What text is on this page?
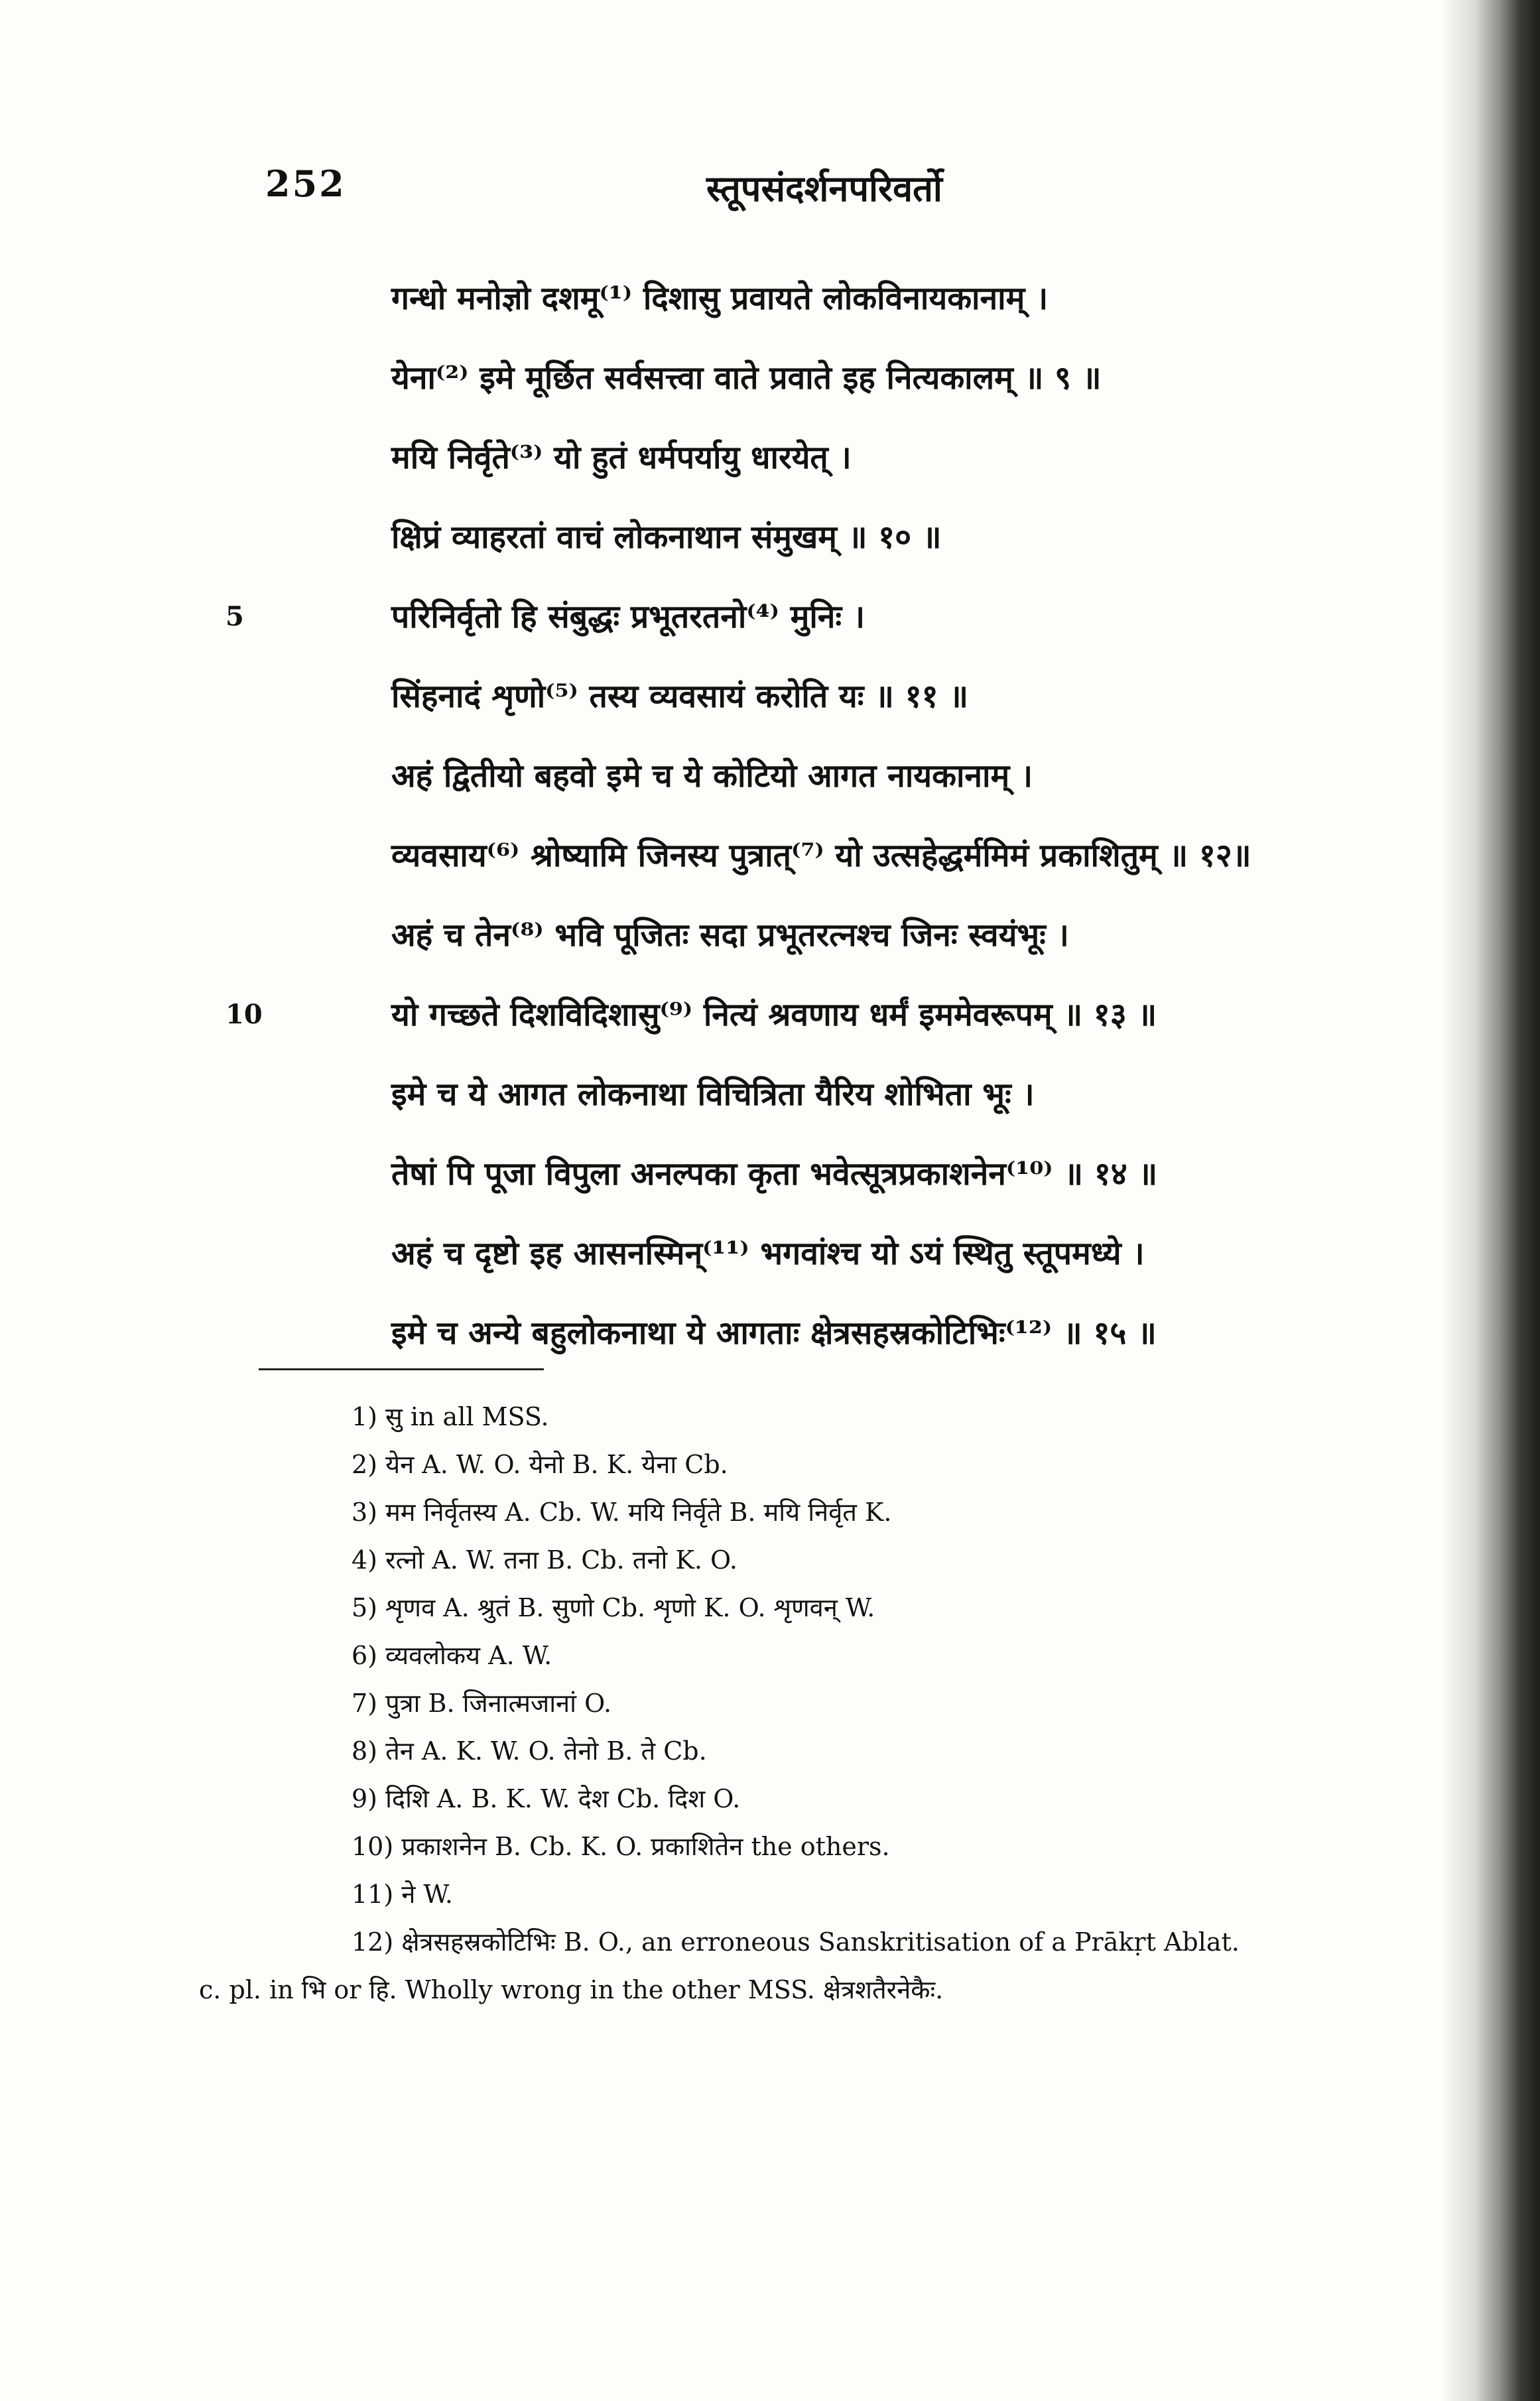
252	स्तूपसंदर्शनपरिवर्तो
गन्धो मनोज्ञो दशमू⁽¹⁾ दिशासु प्रवायते लोकविनायकानाम् ।
येना⁽²⁾ इमे मूर्छित सर्वसत्त्वा वाते प्रवाते इह नित्यकालम् ॥ ९ ॥
मयि निर्वृते⁽³⁾ यो हुतं धर्मपर्यायु धारयेत् ।
क्षिप्रं व्याहरतां वाचं लोकनाथान संमुखम् ॥ १० ॥
5	परिनिर्वृतो हि संबुद्धः प्रभूतरतनो⁽⁴⁾ मुनिः ।
सिंहनादं शृणो⁽⁵⁾ तस्य व्यवसायं करोति यः ॥ ११ ॥
अहं द्वितीयो बहवो इमे च ये कोटियो आगत नायकानाम् ।
व्यवसाय⁽⁶⁾ श्रोष्यामि जिनस्य पुत्रात्⁽⁷⁾ यो उत्सहेद्धर्ममिमं प्रकाशितुम् ॥ १२॥
अहं च तेन⁽⁸⁾ भवि पूजितः सदा प्रभूतरत्नश्च जिनः स्वयंभूः ।
10	यो गच्छते दिशविदिशासु⁽⁹⁾ नित्यं श्रवणाय धर्मं इममेवरूपम् ॥ १३ ॥
इमे च ये आगत लोकनाथा विचित्रिता यैरिय शोभिता भूः ।
तेषां पि पूजा विपुला अनल्पका कृता भवेत्सूत्रप्रकाशनेन⁽¹⁰⁾ ॥ १४ ॥
अहं च दृष्टो इह आसनस्मिन्⁽¹¹⁾ भगवांश्च यो ऽयं स्थितु स्तूपमध्ये ।
इमे च अन्ये बहुलोकनाथा ये आगताः क्षेत्रसहस्रकोटिभिः⁽¹²⁾ ॥ १५ ॥
1) सु in all MSS.
2) येन A. W. O. येनो B. K. येना Cb.
3) मम निर्वृतस्य A. Cb. W. मयि निर्वृते B. मयि निर्वृत K.
4) रत्नो A. W. तना B. Cb. तनो K. O.
5) शृणव A. श्रुतं B. सुणो Cb. शृणो K. O. शृणवन् W.
6) व्यवलोकय A. W.
7) पुत्रा B. जिनात्मजानां O.
8) तेन A. K. W. O. तेनो B. ते Cb.
9) दिशि A. B. K. W. देश Cb. दिश O.
10) प्रकाशनेन B. Cb. K. O. प्रकाशितेन the others.
11) ने W.
12) क्षेत्रसहस्रकोटिभिः B. O., an erroneous Sanskritisation of a Prākṛt Ablat.
c. pl. in भि or हि. Wholly wrong in the other MSS. क्षेत्रशतैरनेकैः.
